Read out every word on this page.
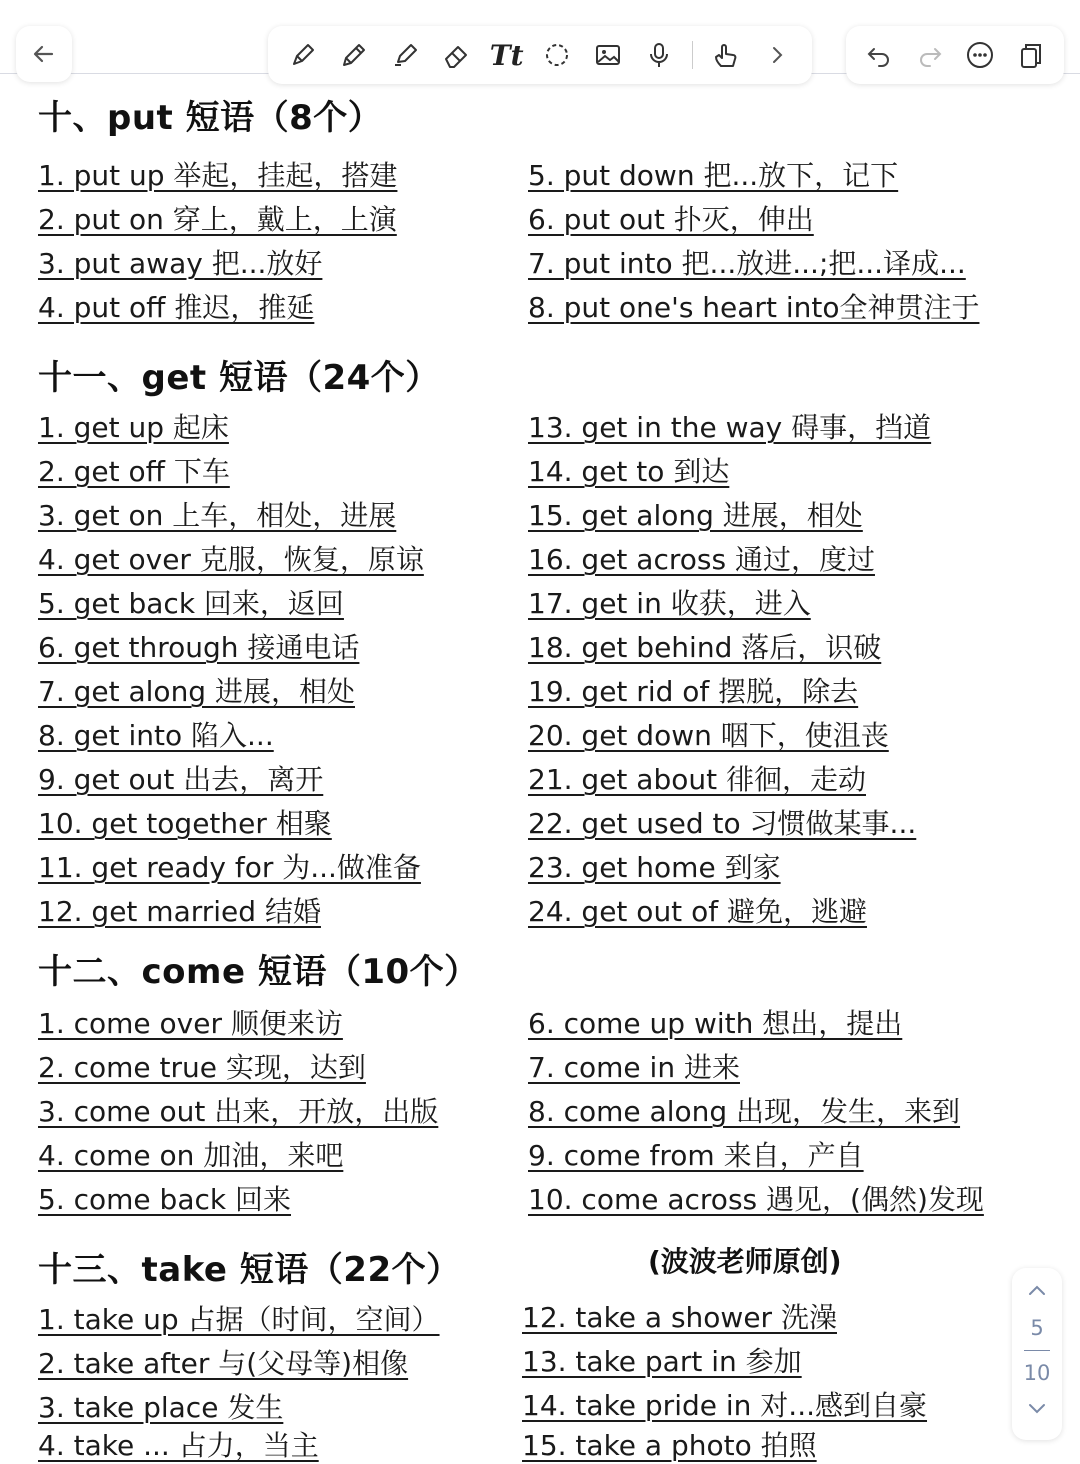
Tt
十、put 短语（8个）
1. put up 举起，挂起，搭建
2. put on 穿上，戴上，上演
3. put away 把...放好
4. put off 推迟，推延
5. put down 把...放下，记下
6. put out 扑灭，伸出
7. put into 把...放进...;把...译成...
8. put one's heart into全神贯注于
十一、get 短语（24个）
1. get up 起床
2. get off 下车
3. get on 上车，相处，进展
4. get over 克服，恢复，原谅
5. get back 回来，返回
6. get through 接通电话
7. get along 进展，相处
8. get into 陷入...
9. get out 出去，离开
10. get together 相聚
11. get ready for 为...做准备
12. get married 结婚
13. get in the way 碍事，挡道
14. get to 到达
15. get along 进展，相处
16. get across 通过，度过
17. get in 收获，进入
18. get behind 落后，识破
19. get rid of 摆脱，除去
20. get down 咽下，使沮丧
21. get about 徘徊，走动
22. get used to 习惯做某事...
23. get home 到家
24. get out of 避免，逃避
十二、come 短语（10个）
1. come over 顺便来访
2. come true 实现，达到
3. come out 出来，开放，出版
4. come on 加油，来吧
5. come back 回来
6. come up with 想出，提出
7. come in 进来
8. come along 出现，发生，来到
9. come from 来自，产自
10. come across 遇见，(偶然)发现
十三、take 短语（22个）	(波波老师原创)
1. take up 占据（时间，空间）
2. take after 与(父母等)相像
3. take place 发生
4. take ... 占力，当主
12. take a shower 洗澡
13. take part in 参加
14. take pride in 对...感到自豪
15. take a photo 拍照
5
10
